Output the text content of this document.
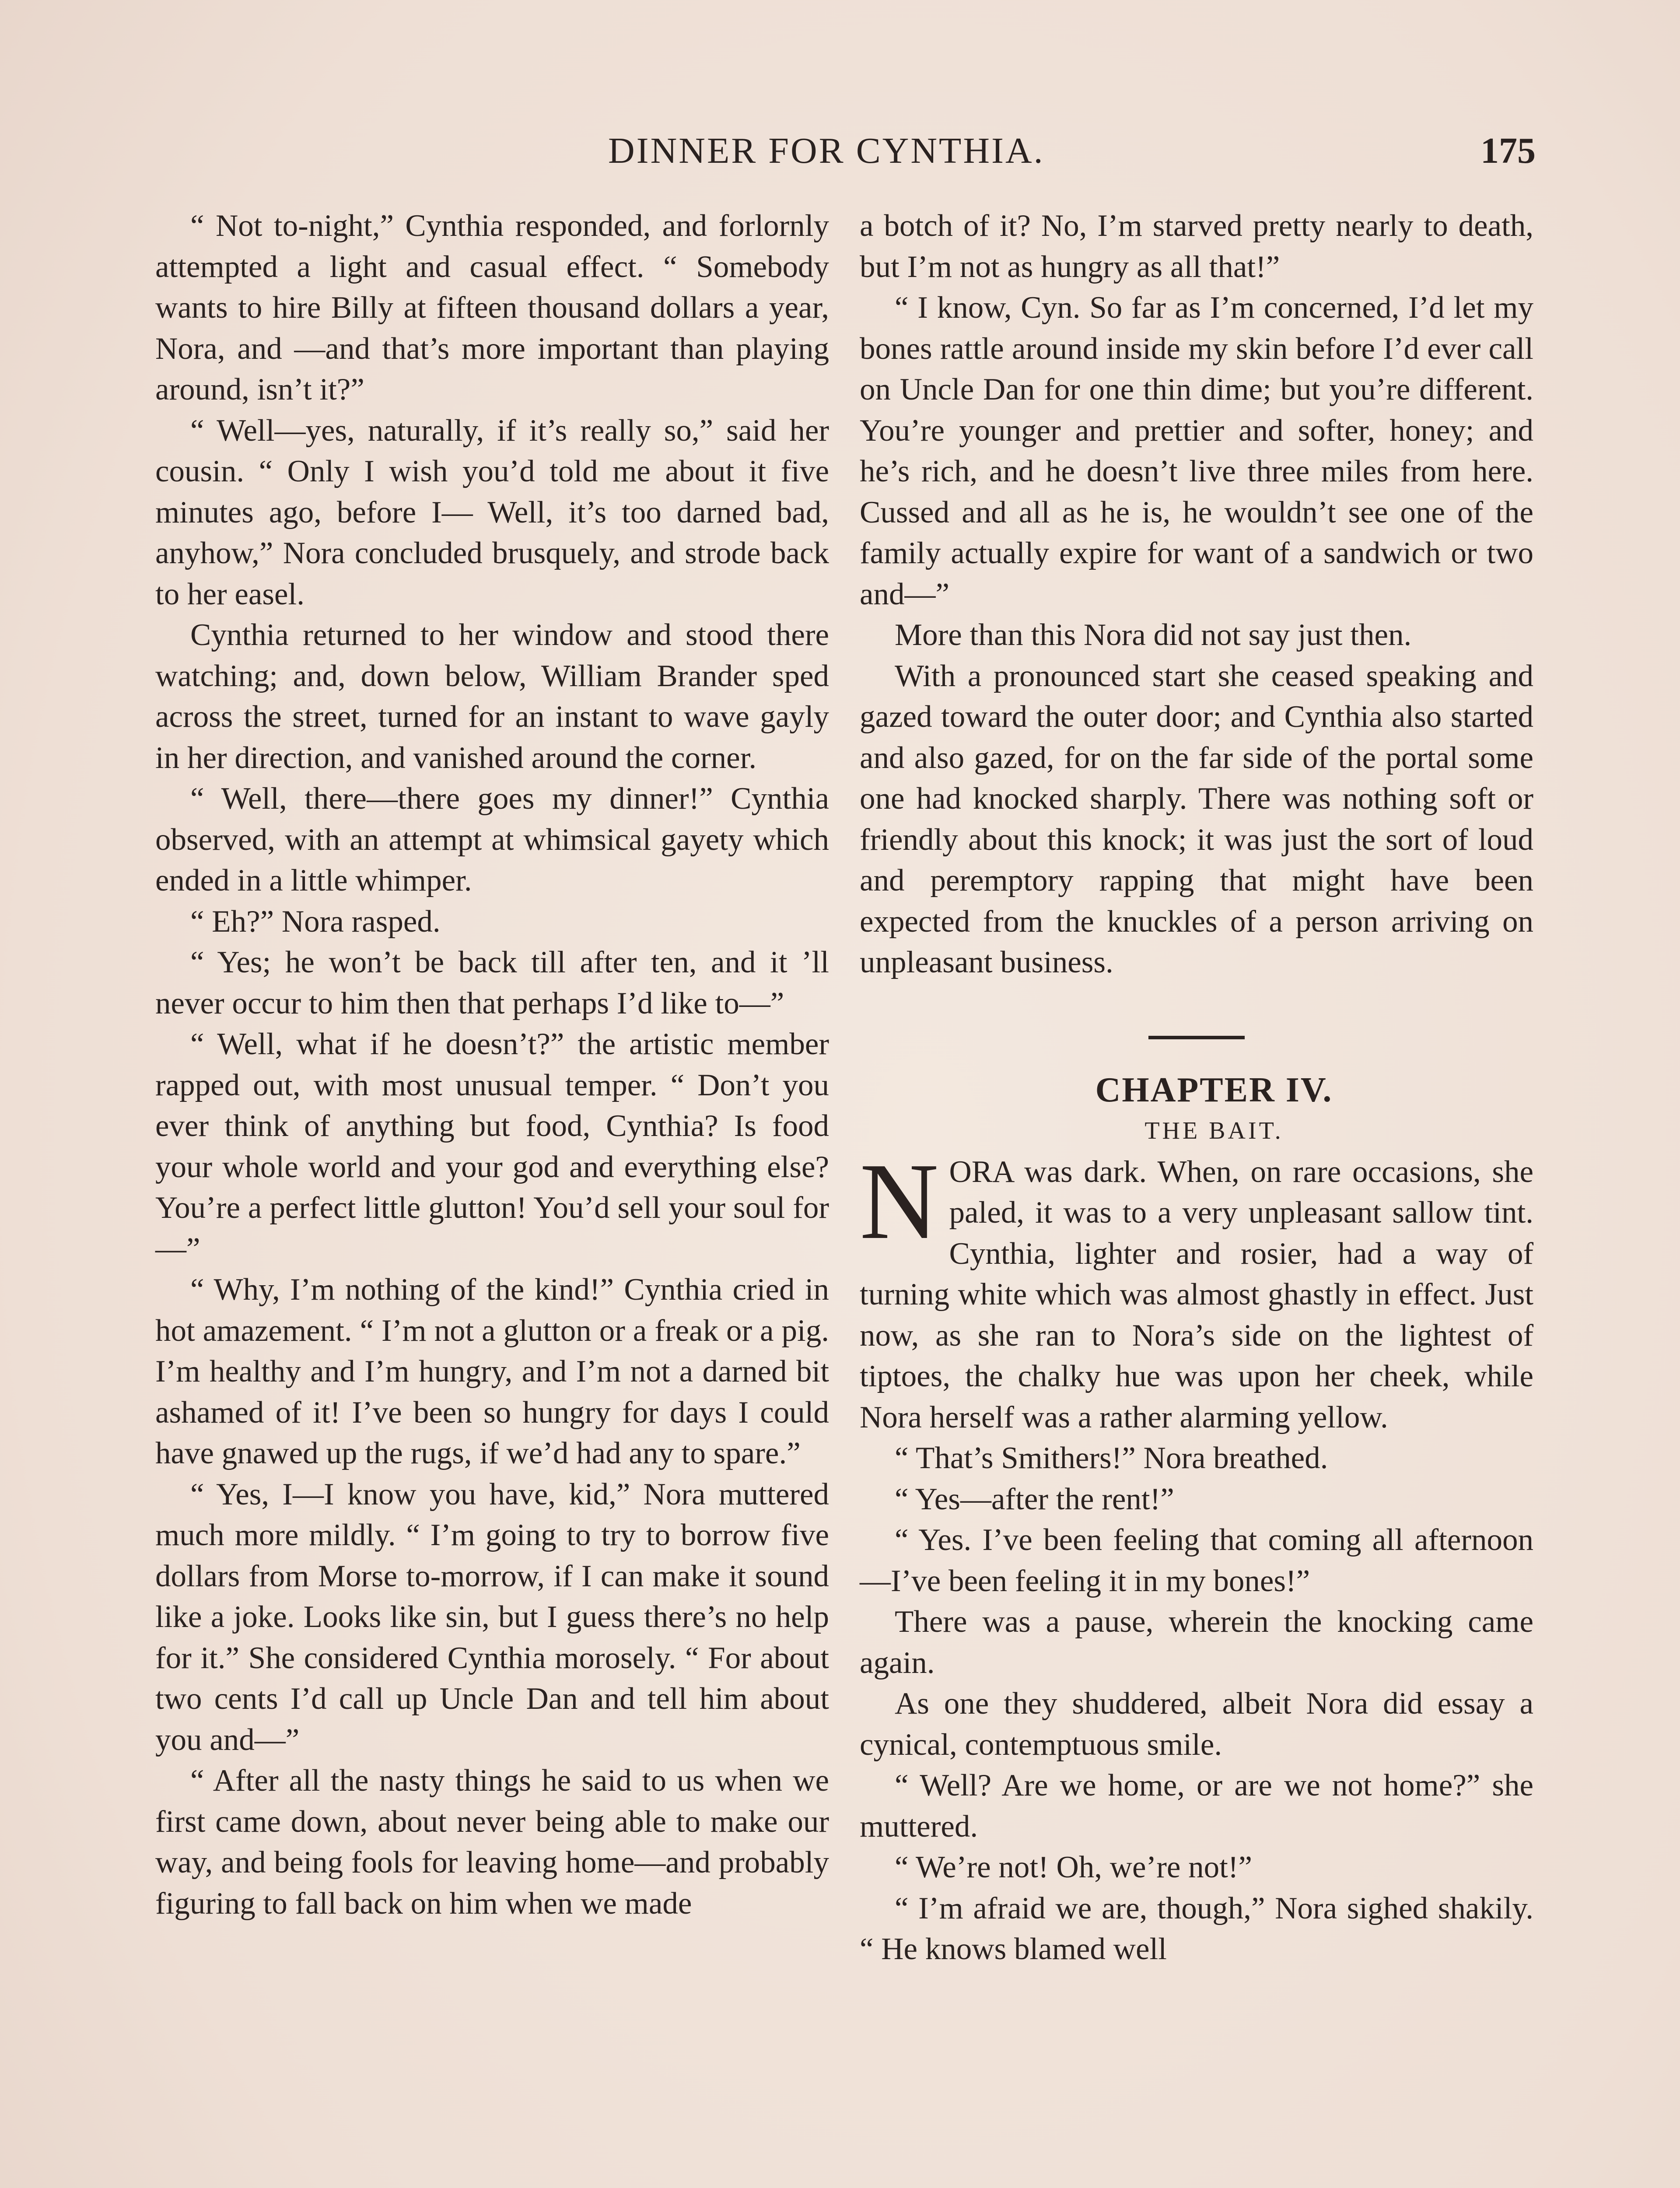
DINNER FOR CYNTHIA.	175

“ Not to-night,” Cynthia responded, and forlornly attempted a light and casual effect. “ Somebody wants to hire Billy at fifteen thousand dollars a year, Nora, and —and that’s more important than playing around, isn’t it?”

“ Well—yes, naturally, if it’s really so,” said her cousin. “ Only I wish you’d told me about it five minutes ago, before I— Well, it’s too darned bad, anyhow,” Nora concluded brusquely, and strode back to her easel.

Cynthia returned to her window and stood there watching; and, down below, William Brander sped across the street, turned for an instant to wave gayly in her direction, and vanished around the corner.

“ Well, there—there goes my dinner!” Cynthia observed, with an attempt at whimsical gayety which ended in a little whimper.

“ Eh?” Nora rasped.

“ Yes; he won’t be back till after ten, and it ’ll never occur to him then that perhaps I’d like to—”

“ Well, what if he doesn’t?” the artistic member rapped out, with most unusual temper. “ Don’t you ever think of anything but food, Cynthia? Is food your whole world and your god and everything else? You’re a perfect little glutton! You’d sell your soul for—”

“ Why, I’m nothing of the kind!” Cynthia cried in hot amazement. “ I’m not a glutton or a freak or a pig. I’m healthy and I’m hungry, and I’m not a darned bit ashamed of it! I’ve been so hungry for days I could have gnawed up the rugs, if we’d had any to spare.”

“ Yes, I—I know you have, kid,” Nora muttered much more mildly. “ I’m going to try to borrow five dollars from Morse to-morrow, if I can make it sound like a joke. Looks like sin, but I guess there’s no help for it.” She considered Cynthia morosely. “ For about two cents I’d call up Uncle Dan and tell him about you and—”

“ After all the nasty things he said to us when we first came down, about never being able to make our way, and being fools for leaving home—and probably figuring to fall back on him when we made

a botch of it? No, I’m starved pretty nearly to death, but I’m not as hungry as all that!”

“ I know, Cyn. So far as I’m concerned, I’d let my bones rattle around inside my skin before I’d ever call on Uncle Dan for one thin dime; but you’re different. You’re younger and prettier and softer, honey; and he’s rich, and he doesn’t live three miles from here. Cussed and all as he is, he wouldn’t see one of the family actually expire for want of a sandwich or two and—”

More than this Nora did not say just then.

With a pronounced start she ceased speaking and gazed toward the outer door; and Cynthia also started and also gazed, for on the far side of the portal some one had knocked sharply. There was nothing soft or friendly about this knock; it was just the sort of loud and peremptory rapping that might have been expected from the knuckles of a person arriving on unpleasant business.

CHAPTER IV.

THE BAIT.

NORA was dark. When, on rare occasions, she paled, it was to a very unpleasant sallow tint. Cynthia, lighter and rosier, had a way of turning white which was almost ghastly in effect. Just now, as she ran to Nora’s side on the lightest of tiptoes, the chalky hue was upon her cheek, while Nora herself was a rather alarming yellow.

“ That’s Smithers!” Nora breathed.

“ Yes—after the rent!”

“ Yes. I’ve been feeling that coming all afternoon—I’ve been feeling it in my bones!”

There was a pause, wherein the knocking came again.

As one they shuddered, albeit Nora did essay a cynical, contemptuous smile.

“ Well? Are we home, or are we not home?” she muttered.

“ We’re not! Oh, we’re not!”

“ I’m afraid we are, though,” Nora sighed shakily. “ He knows blamed well
